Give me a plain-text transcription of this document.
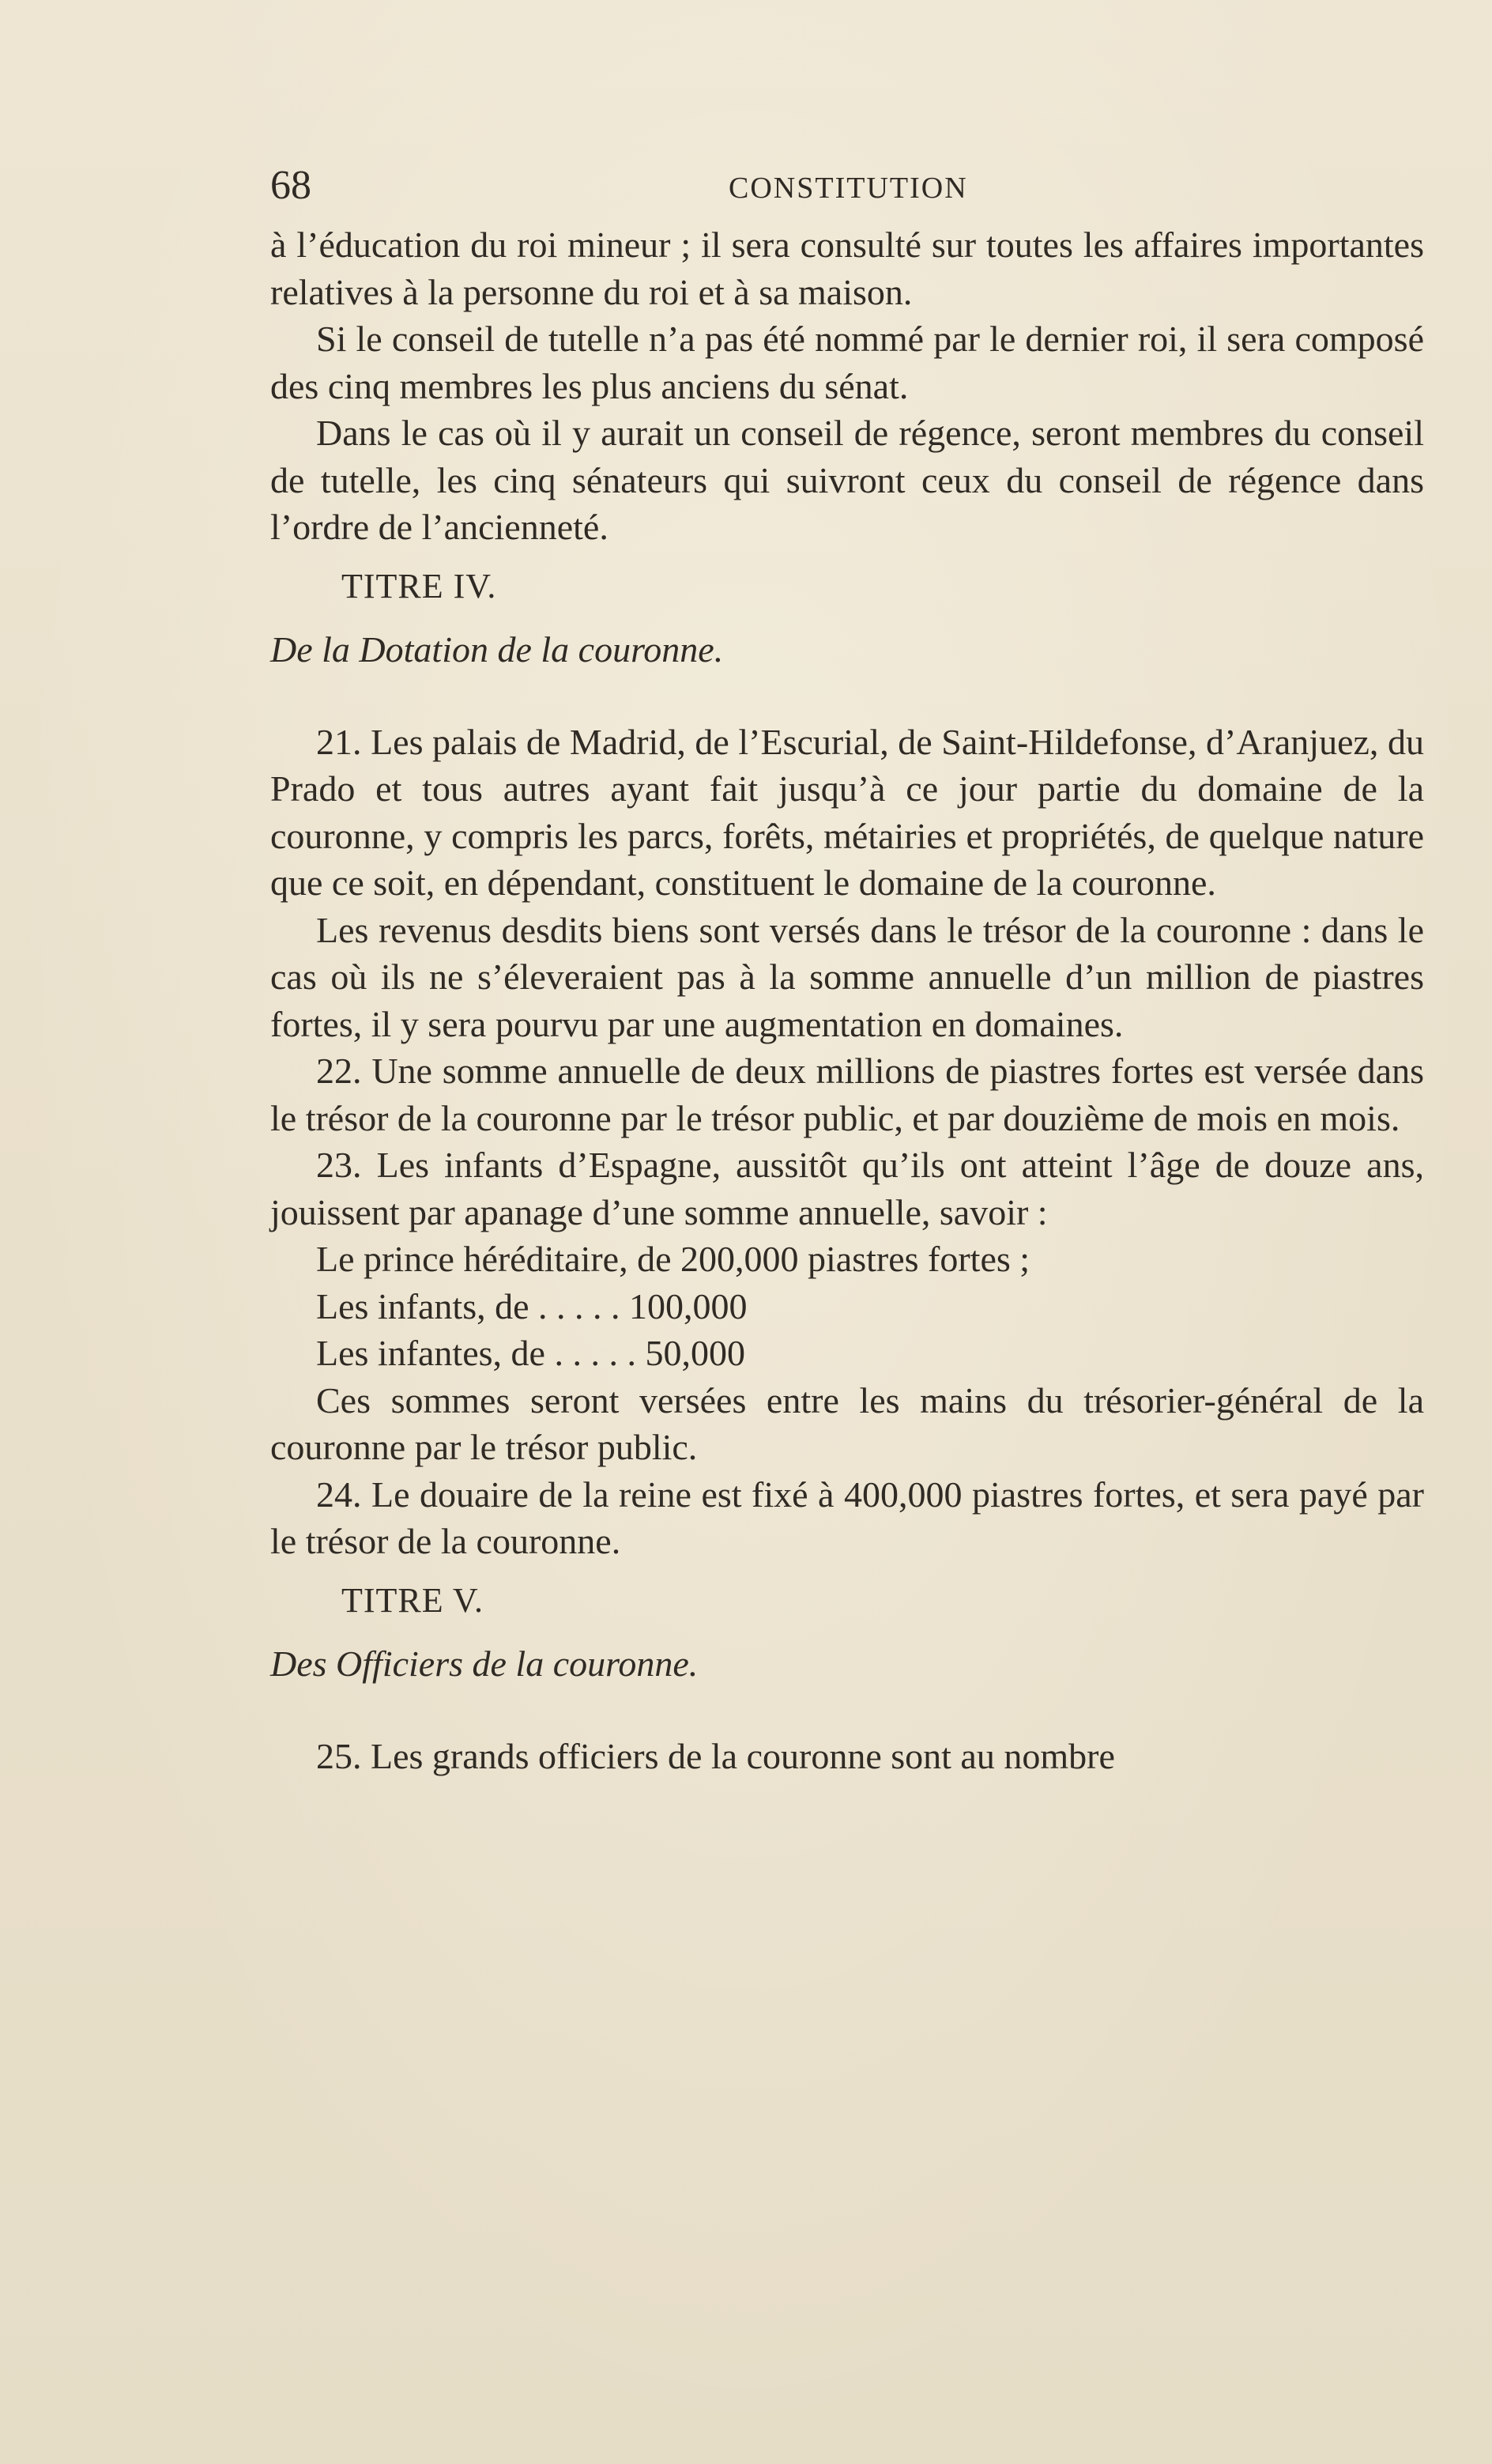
68	CONSTITUTION

à l’éducation du roi mineur ; il sera consulté sur toutes les affaires importantes relatives à la personne du roi et à sa maison.

Si le conseil de tutelle n’a pas été nommé par le dernier roi, il sera composé des cinq membres les plus anciens du sénat.

Dans le cas où il y aurait un conseil de régence, seront membres du conseil de tutelle, les cinq sénateurs qui suivront ceux du conseil de régence dans l’ordre de l’ancienneté.

TITRE IV.

De la Dotation de la couronne.

21. Les palais de Madrid, de l’Escurial, de Saint-Hildefonse, d’Aranjuez, du Prado et tous autres ayant fait jusqu’à ce jour partie du domaine de la couronne, y compris les parcs, forêts, métairies et propriétés, de quelque nature que ce soit, en dépendant, constituent le domaine de la couronne.

Les revenus desdits biens sont versés dans le trésor de la couronne : dans le cas où ils ne s’éleveraient pas à la somme annuelle d’un million de piastres fortes, il y sera pourvu par une augmentation en domaines.

22. Une somme annuelle de deux millions de piastres fortes est versée dans le trésor de la couronne par le trésor public, et par douzième de mois en mois.

23. Les infants d’Espagne, aussitôt qu’ils ont atteint l’âge de douze ans, jouissent par apanage d’une somme annuelle, savoir :

Le prince héréditaire, de 200,000 piastres fortes ;

Les infants, de . . . . . 100,000

Les infantes, de . . . . . 50,000

Ces sommes seront versées entre les mains du trésorier-général de la couronne par le trésor public.

24. Le douaire de la reine est fixé à 400,000 piastres fortes, et sera payé par le trésor de la couronne.

TITRE V.

Des Officiers de la couronne.

25. Les grands officiers de la couronne sont au nombre
